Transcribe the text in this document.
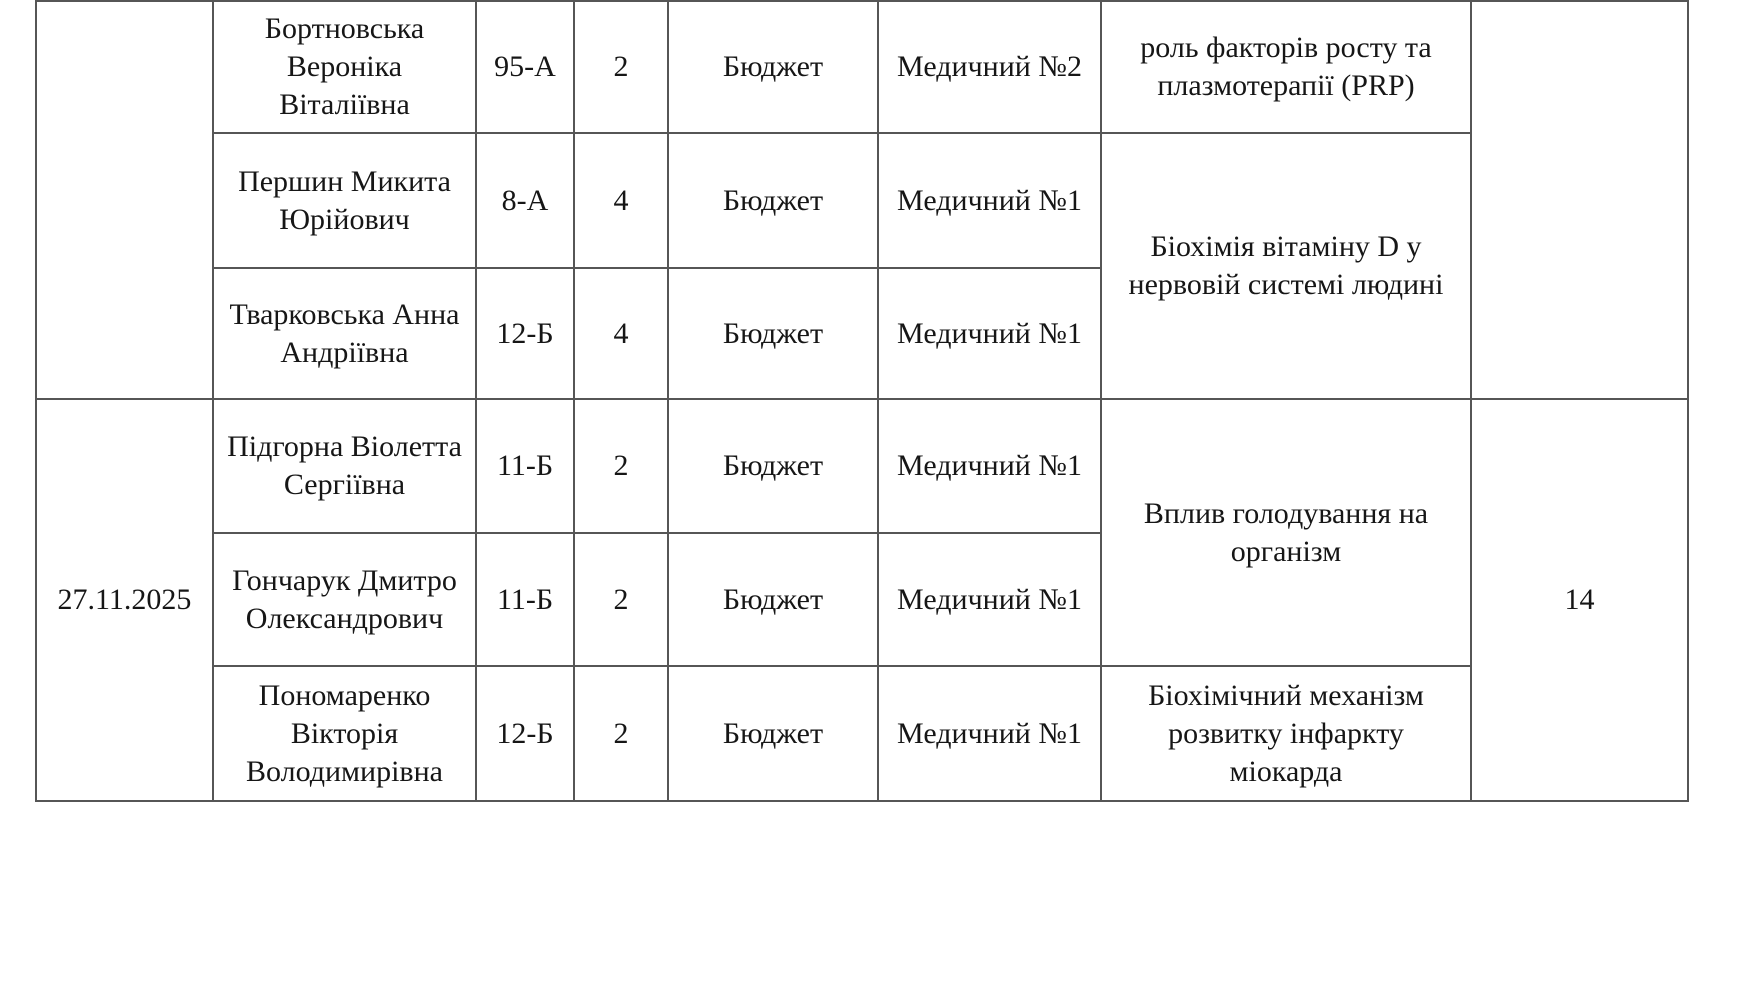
	Бортновська Вероніка Віталіївна	95-А	2	Бюджет	Медичний №2	роль факторів росту та плазмотерапії (PRP)	
	Першин Микита Юрійович	8-А	4	Бюджет	Медичний №1	Біохімія вітаміну D у нервовій системі людині	
	Тварковська Анна Андріївна	12-Б	4	Бюджет	Медичний №1		
27.11.2025	Підгорна Віолетта Сергіївна	11-Б	2	Бюджет	Медичний №1	Вплив голодування на організм	14
	Гончарук Дмитро Олександрович	11-Б	2	Бюджет	Медичний №1		
	Пономаренко Вікторія Володимирівна	12-Б	2	Бюджет	Медичний №1	Біохімічний механізм розвитку інфаркту міокарда	
